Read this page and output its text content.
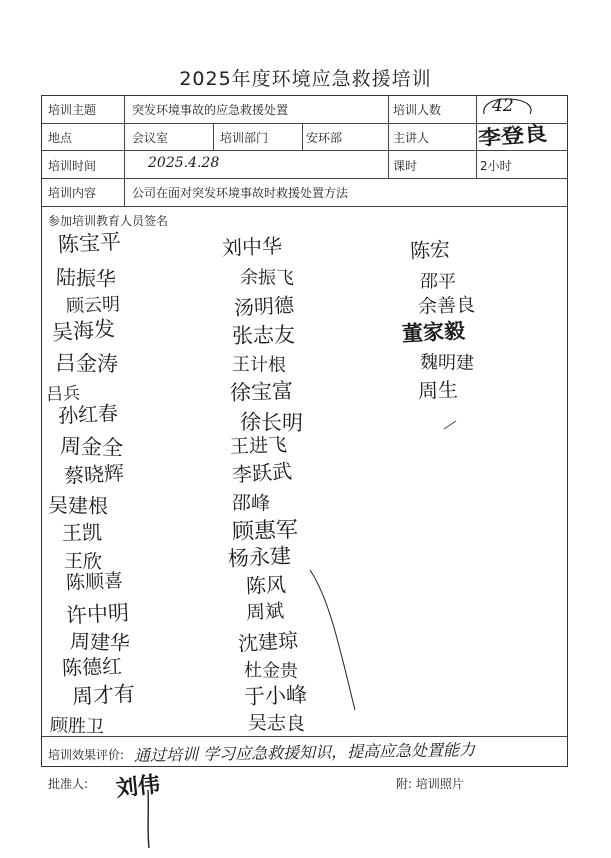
2025年度环境应急救援培训
培训主题	突发环境事故的应急救援处置	培训人数	42
地点	会议室	培训部门	安环部	主讲人 李登良
培训时间	2025.4.28	课时	2小时
培训内容	公司在面对突发环境事故时救援处置方法
参加培训教育人员签名
陈宝平
陆振华
顾云明
吴海发
吕金涛
吕兵
孙红春
周金全
蔡晓辉
吴建根
王凯
王欣
陈顺喜
许中明
周建华
陈德红
周才有
顾胜卫
刘中华
余振飞
汤明德
张志友
王计根
徐宝富
徐长明
王进飞
李跃武
邵峰
顾惠军
杨永建
陈风
周斌
沈建琼
杜金贵
于小峰
吴志良
陈宏
邵平
余善良
董家毅
魏明建
周生
培训效果评价: 通过培训 学习应急救援知识，提高应急处置能力
批准人: 刘伟	附: 培训照片
